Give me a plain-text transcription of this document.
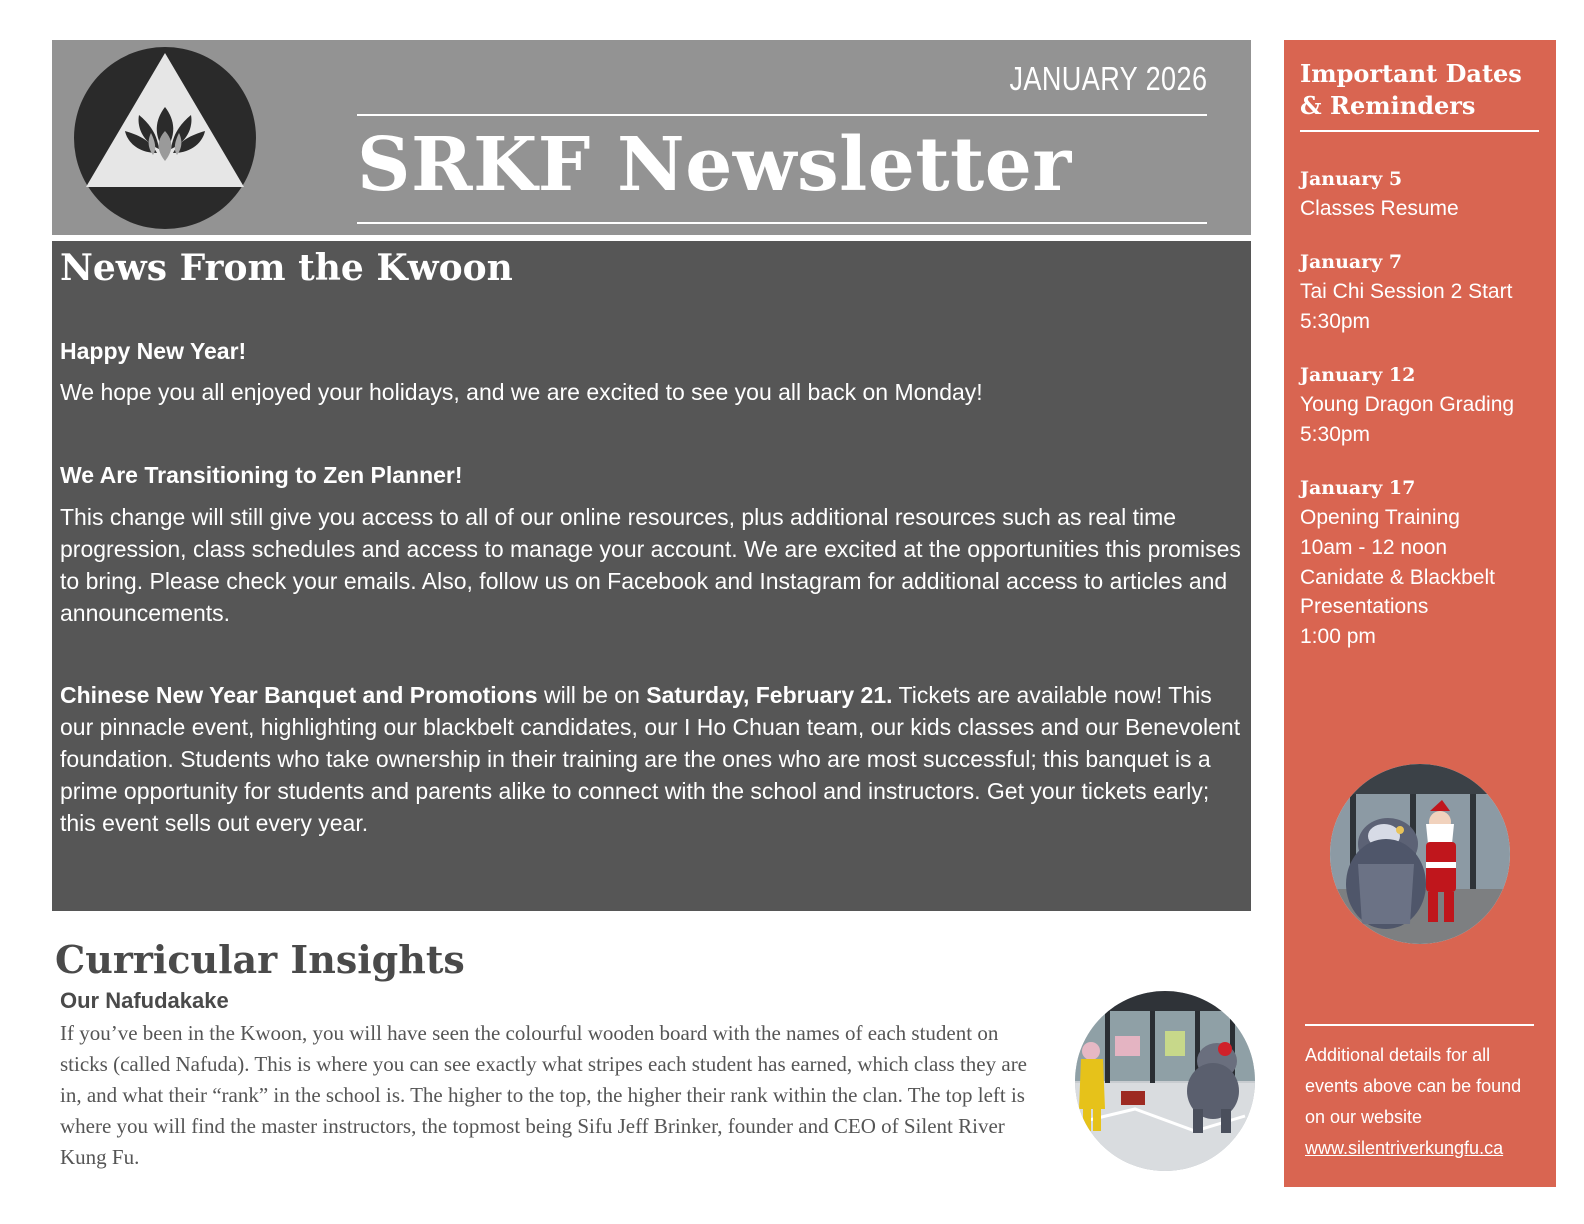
JANUARY 2026
SRKF Newsletter
News From the Kwoon
Happy New Year!

We hope you all enjoyed your holidays, and we are excited to see you all back on Monday!

We Are Transitioning to Zen Planner!

This change will still give you access to all of our online resources, plus additional resources such as real time progression, class schedules and access to manage your account. We are excited at the opportunities this promises to bring. Please check your emails. Also, follow us on Facebook and Instagram for additional access to articles and announcements.

Chinese New Year Banquet and Promotions will be on Saturday, February 21. Tickets are available now! This our pinnacle event, highlighting our blackbelt candidates, our I Ho Chuan team, our kids classes and our Benevolent foundation. Students who take ownership in their training are the ones who are most successful; this banquet is a prime opportunity for students and parents alike to connect with the school and instructors. Get your tickets early; this event sells out every year.

Important Dates & Reminders
January 5
Classes Resume
January 7
Tai Chi Session 2 Start
5:30pm
January 12
Young Dragon Grading
5:30pm
January 17
Opening Training
10am - 12 noon
Canidate & Blackbelt
Presentations
1:00 pm

Additional details for all events above can be found on our website
www.silentriverkungfu.ca

Curricular Insights
Our Nafudakake

If you’ve been in the Kwoon, you will have seen the colourful wooden board with the names of each student on sticks (called Nafuda). This is where you can see exactly what stripes each student has earned, which class they are in, and what their “rank” in the school is. The higher to the top, the higher their rank within the clan. The top left is where you will find the master instructors, the topmost being Sifu Jeff Brinker, founder and CEO of Silent River Kung Fu.
